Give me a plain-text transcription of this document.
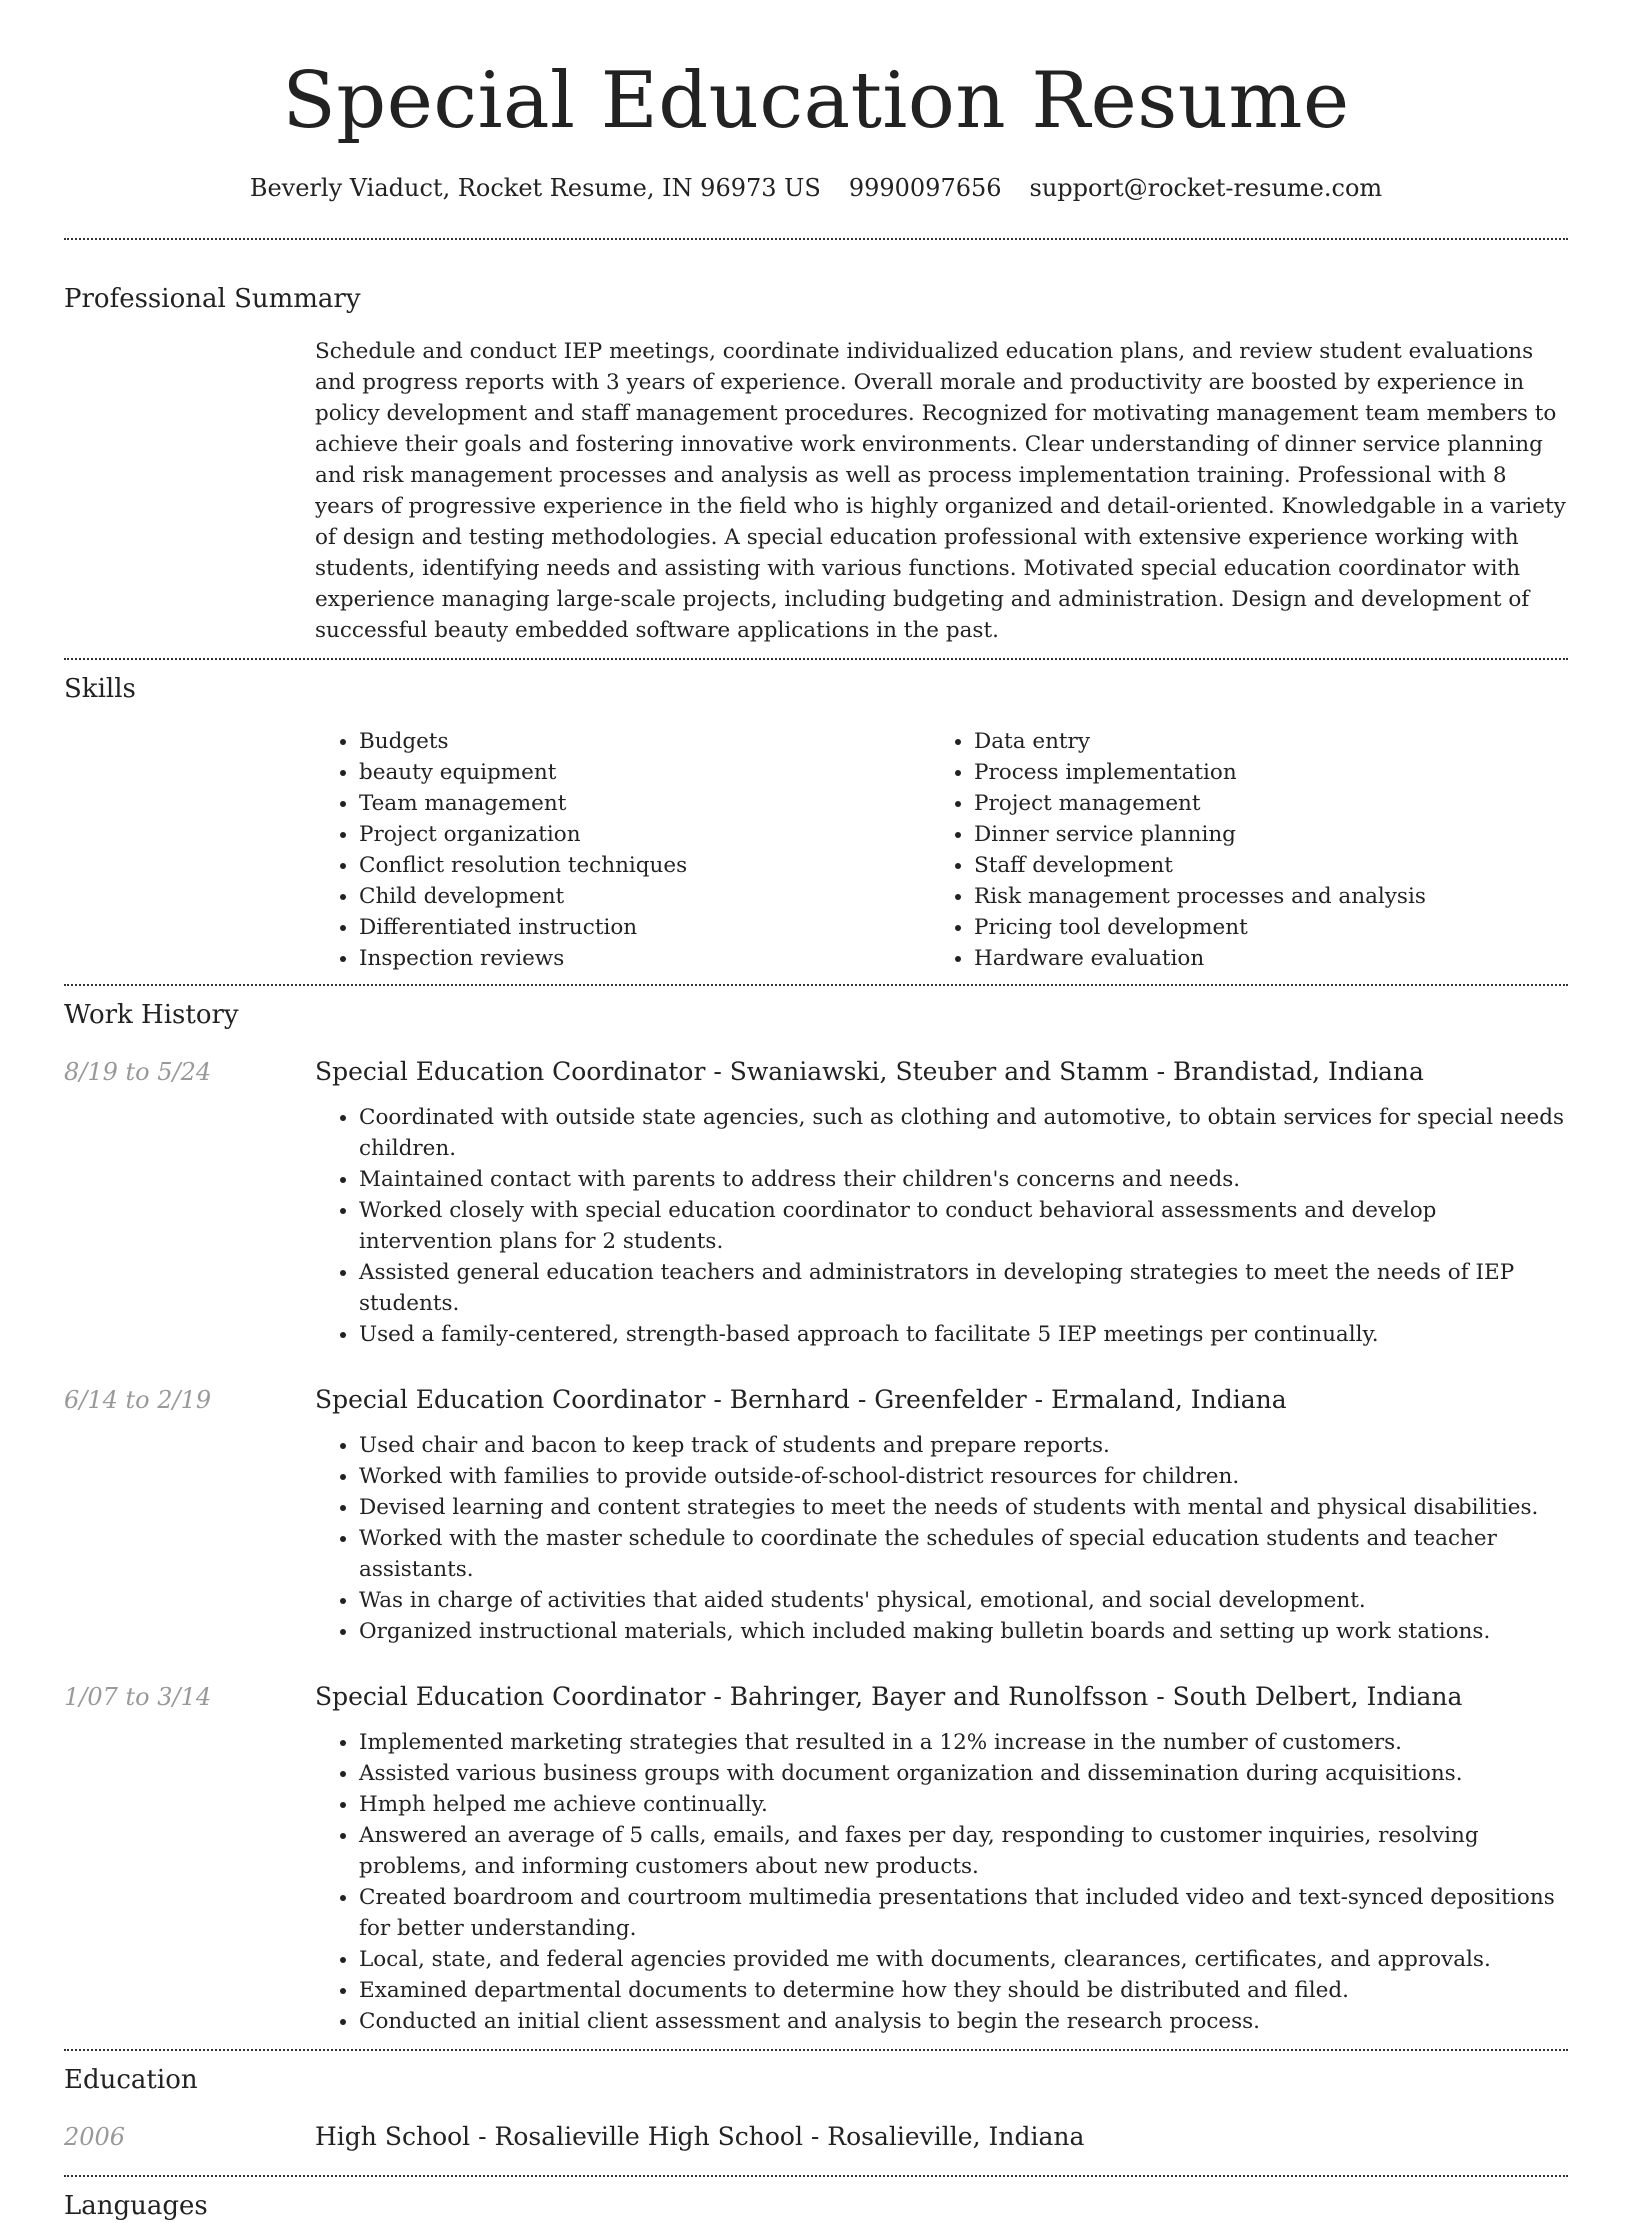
Special Education Resume
Beverly Viaduct, Rocket Resume, IN 96973 US 9990097656 support@rocket-resume.com
Professional Summary
Schedule and conduct IEP meetings, coordinate individualized education plans, and review student evaluations and progress reports with 3 years of experience. Overall morale and productivity are boosted by experience in policy development and staff management procedures. Recognized for motivating management team members to achieve their goals and fostering innovative work environments. Clear understanding of dinner service planning and risk management processes and analysis as well as process implementation training. Professional with 8 years of progressive experience in the field who is highly organized and detail-oriented. Knowledgable in a variety of design and testing methodologies. A special education professional with extensive experience working with students, identifying needs and assisting with various functions. Motivated special education coordinator with experience managing large-scale projects, including budgeting and administration. Design and development of successful beauty embedded software applications in the past.
Skills
• Budgets
• beauty equipment
• Team management
• Project organization
• Conflict resolution techniques
• Child development
• Differentiated instruction
• Inspection reviews
• Data entry
• Process implementation
• Project management
• Dinner service planning
• Staff development
• Risk management processes and analysis
• Pricing tool development
• Hardware evaluation
Work History
8/19 to 5/24	Special Education Coordinator - Swaniawski, Steuber and Stamm - Brandistad, Indiana
• Coordinated with outside state agencies, such as clothing and automotive, to obtain services for special needs children.
• Maintained contact with parents to address their children's concerns and needs.
• Worked closely with special education coordinator to conduct behavioral assessments and develop intervention plans for 2 students.
• Assisted general education teachers and administrators in developing strategies to meet the needs of IEP students.
• Used a family-centered, strength-based approach to facilitate 5 IEP meetings per continually.
6/14 to 2/19	Special Education Coordinator - Bernhard - Greenfelder - Ermaland, Indiana
• Used chair and bacon to keep track of students and prepare reports.
• Worked with families to provide outside-of-school-district resources for children.
• Devised learning and content strategies to meet the needs of students with mental and physical disabilities.
• Worked with the master schedule to coordinate the schedules of special education students and teacher assistants.
• Was in charge of activities that aided students' physical, emotional, and social development.
• Organized instructional materials, which included making bulletin boards and setting up work stations.
1/07 to 3/14	Special Education Coordinator - Bahringer, Bayer and Runolfsson - South Delbert, Indiana
• Implemented marketing strategies that resulted in a 12% increase in the number of customers.
• Assisted various business groups with document organization and dissemination during acquisitions.
• Hmph helped me achieve continually.
• Answered an average of 5 calls, emails, and faxes per day, responding to customer inquiries, resolving problems, and informing customers about new products.
• Created boardroom and courtroom multimedia presentations that included video and text-synced depositions for better understanding.
• Local, state, and federal agencies provided me with documents, clearances, certificates, and approvals.
• Examined departmental documents to determine how they should be distributed and filed.
• Conducted an initial client assessment and analysis to begin the research process.
Education
2006	High School - Rosalieville High School - Rosalieville, Indiana
Languages
